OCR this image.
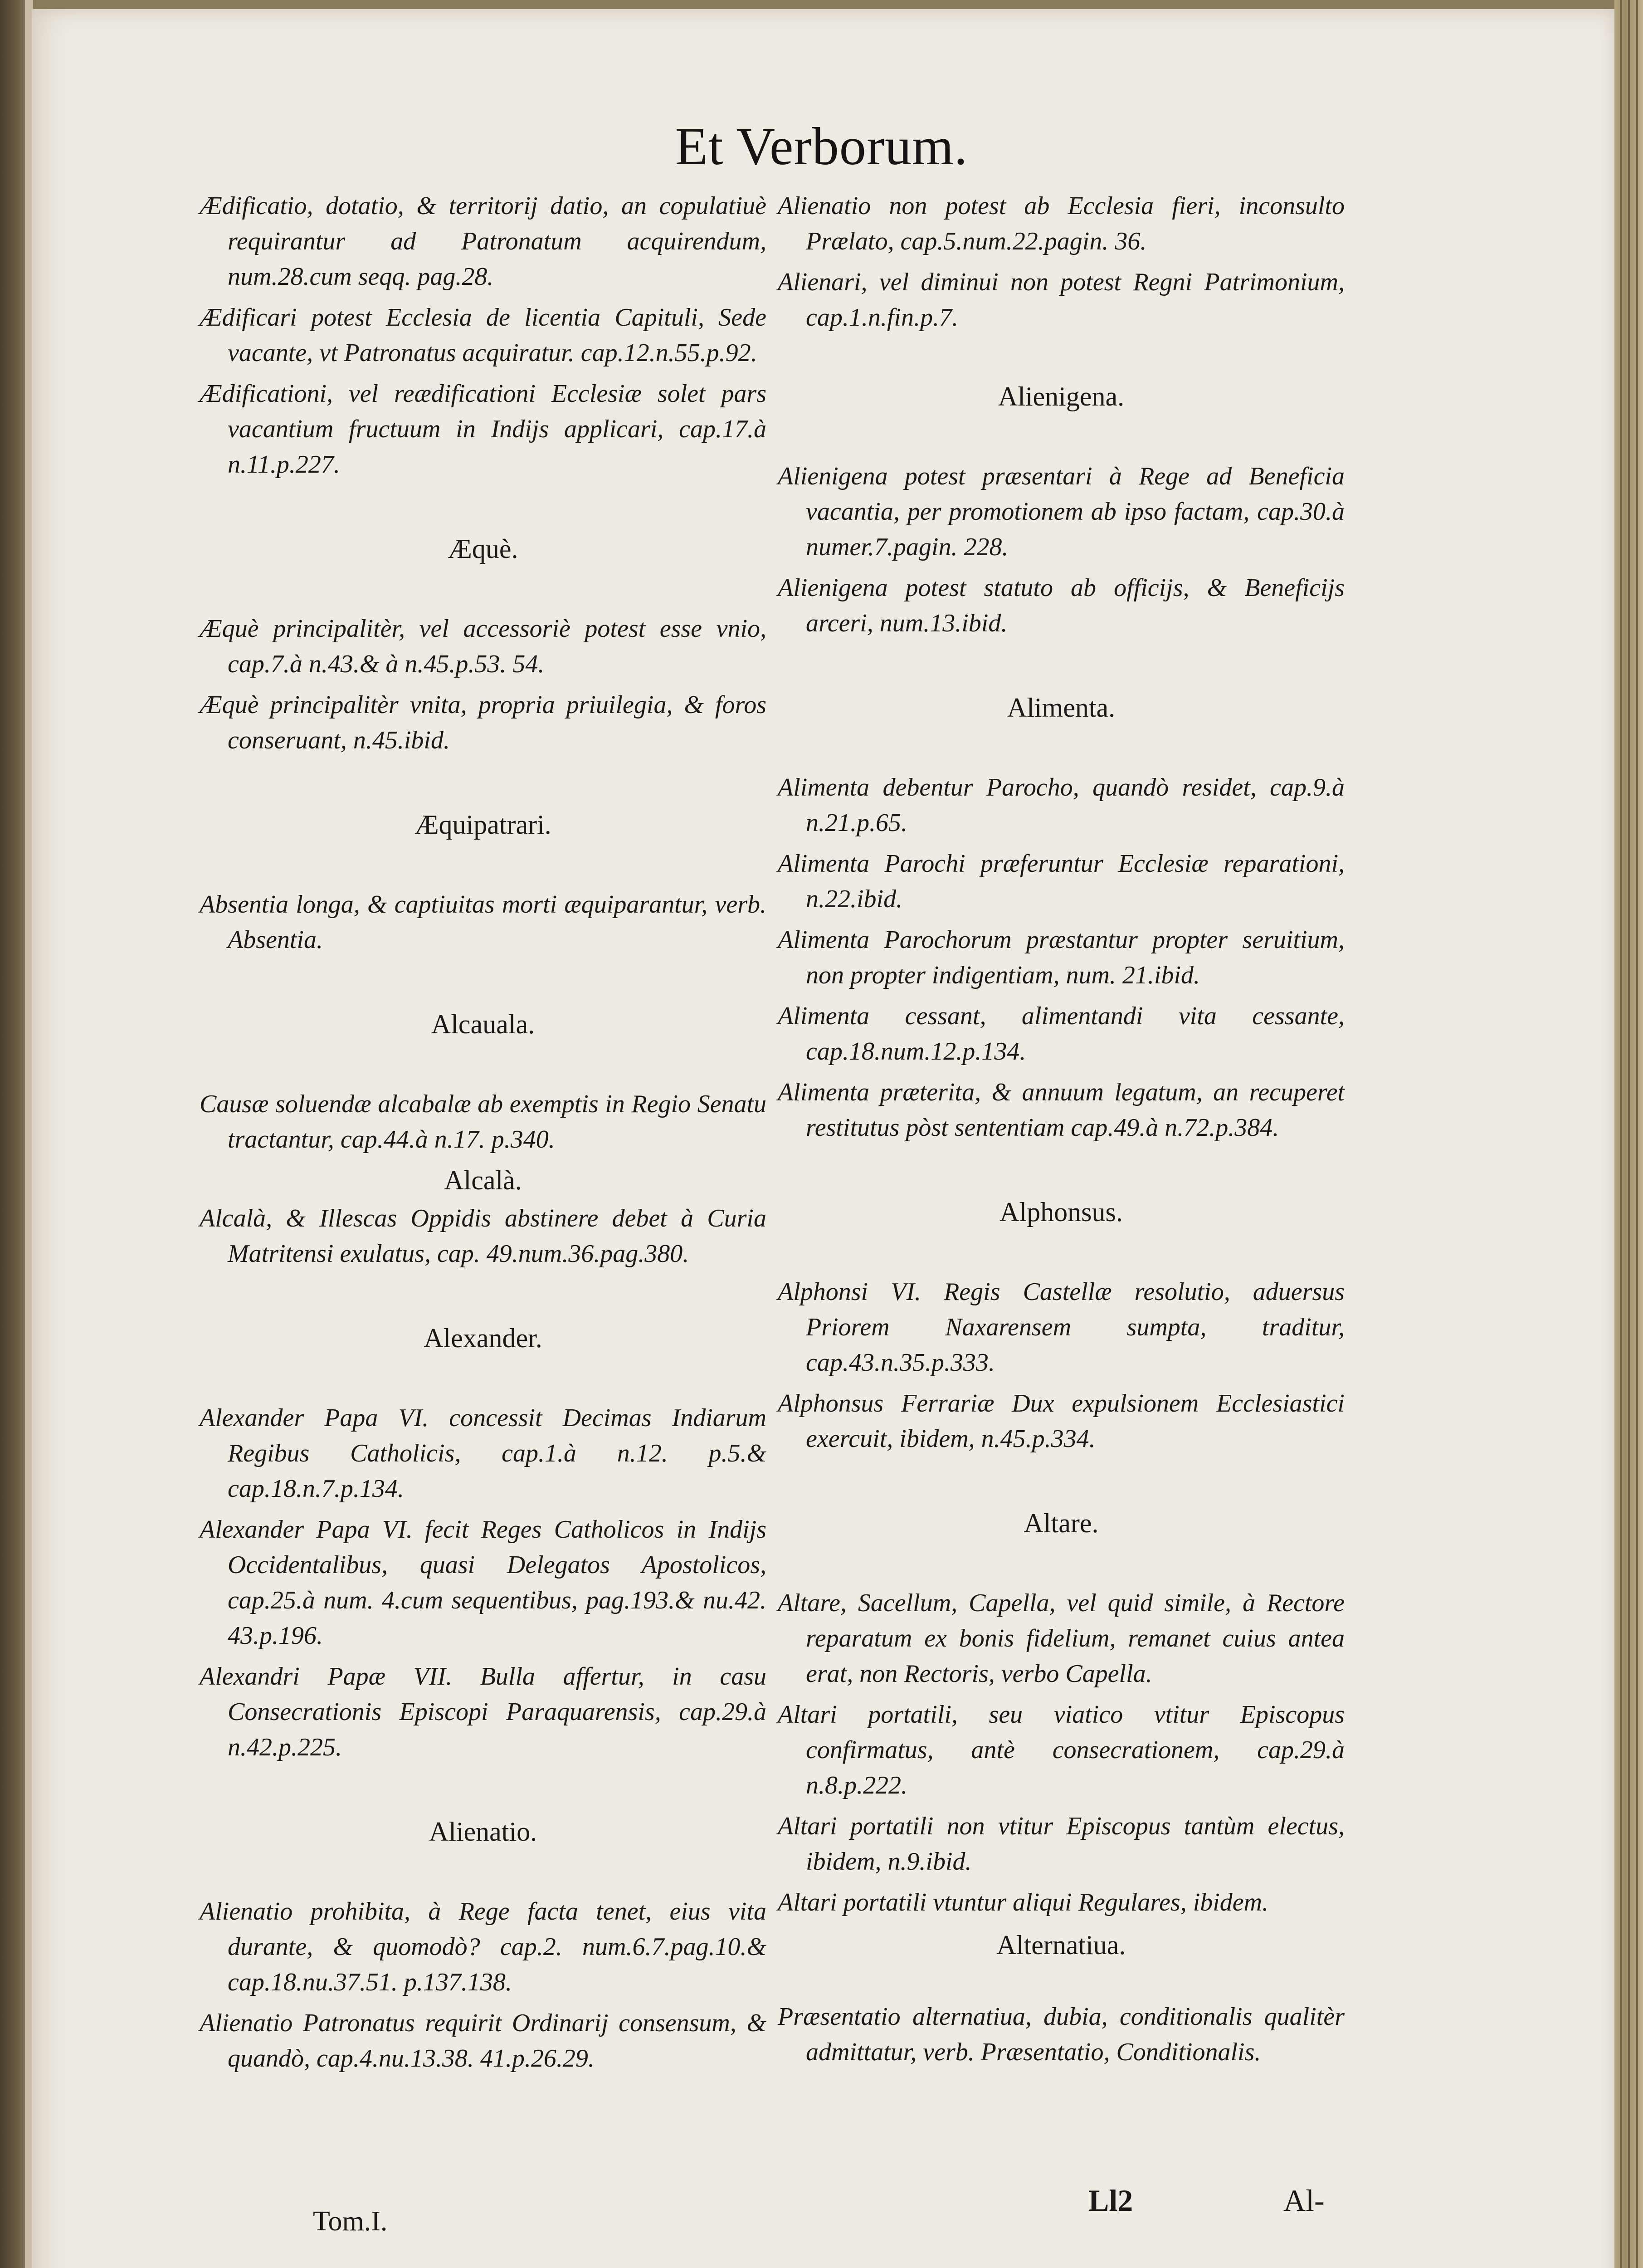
Et Verborum.

Ædificatio, dotatio, & territorij datio, an copulatiuè requirantur ad Patronatum acquirendum, num.28.cum seqq. pag.28.

Ædificari potest Ecclesia de licentia Capituli, Sede vacante, vt Patronatus acquiratur. cap.12.n.55.p.92.

Ædificationi, vel reædificationi Ecclesiæ solet pars vacantium fructuum in Indijs applicari, cap.17.à n.11.p.227.

Æquè.

Æquè principalitèr, vel accessoriè potest esse vnio, cap.7.à n.43.& à n.45.p.53. 54.

Æquè principalitèr vnita, propria priuilegia, & foros conseruant, n.45.ibid.

Æquipatrari.

Absentia longa, & captiuitas morti æquiparantur, verb. Absentia.

Alcauala.

Causæ soluendæ alcabalæ ab exemptis in Regio Senatu tractantur, cap.44.à n.17. p.340.

Alcalà.

Alcalà, & Illescas Oppidis abstinere debet à Curia Matritensi exulatus, cap. 49.num.36.pag.380.

Alexander.

Alexander Papa VI. concessit Decimas Indiarum Regibus Catholicis, cap.1.à n.12. p.5.& cap.18.n.7.p.134.

Alexander Papa VI. fecit Reges Catholicos in Indijs Occidentalibus, quasi Delegatos Apostolicos, cap.25.à num. 4.cum sequentibus, pag.193.& nu.42. 43.p.196.

Alexandri Papæ VII. Bulla affertur, in casu Consecrationis Episcopi Paraquarensis, cap.29.à n.42.p.225.

Alienatio.

Alienatio prohibita, à Rege facta tenet, eius vita durante, & quomodò? cap.2. num.6.7.pag.10.& cap.18.nu.37.51. p.137.138.

Alienatio Patronatus requirit Ordinarij consensum, & quandò, cap.4.nu.13.38. 41.p.26.29.

Alienatio non potest ab Ecclesia fieri, inconsulto Prælato, cap.5.num.22.pagin. 36.

Alienari, vel diminui non potest Regni Patrimonium, cap.1.n.fin.p.7.

Alienigena.

Alienigena potest præsentari à Rege ad Beneficia vacantia, per promotionem ab ipso factam, cap.30.à numer.7.pagin. 228.

Alienigena potest statuto ab officijs, & Beneficijs arceri, num.13.ibid.

Alimenta.

Alimenta debentur Parocho, quandò residet, cap.9.à n.21.p.65.

Alimenta Parochi præferuntur Ecclesiæ reparationi, n.22.ibid.

Alimenta Parochorum præstantur propter seruitium, non propter indigentiam, num. 21.ibid.

Alimenta cessant, alimentandi vita cessante, cap.18.num.12.p.134.

Alimenta præterita, & annuum legatum, an recuperet restitutus pòst sententiam cap.49.à n.72.p.384.

Alphonsus.

Alphonsi VI. Regis Castellæ resolutio, aduersus Priorem Naxarensem sumpta, traditur, cap.43.n.35.p.333.

Alphonsus Ferrariæ Dux expulsionem Ecclesiastici exercuit, ibidem, n.45.p.334.

Altare.

Altare, Sacellum, Capella, vel quid simile, à Rectore reparatum ex bonis fidelium, remanet cuius antea erat, non Rectoris, verbo Capella.

Altari portatili, seu viatico vtitur Episcopus confirmatus, antè consecrationem, cap.29.à n.8.p.222.

Altari portatili non vtitur Episcopus tantùm electus, ibidem, n.9.ibid.

Altari portatili vtuntur aliqui Regulares, ibidem.

Alternatiua.

Præsentatio alternatiua, dubia, conditionalis qualitèr admittatur, verb. Præsentatio, Conditionalis.

Tom.I.
Ll2	Al-
